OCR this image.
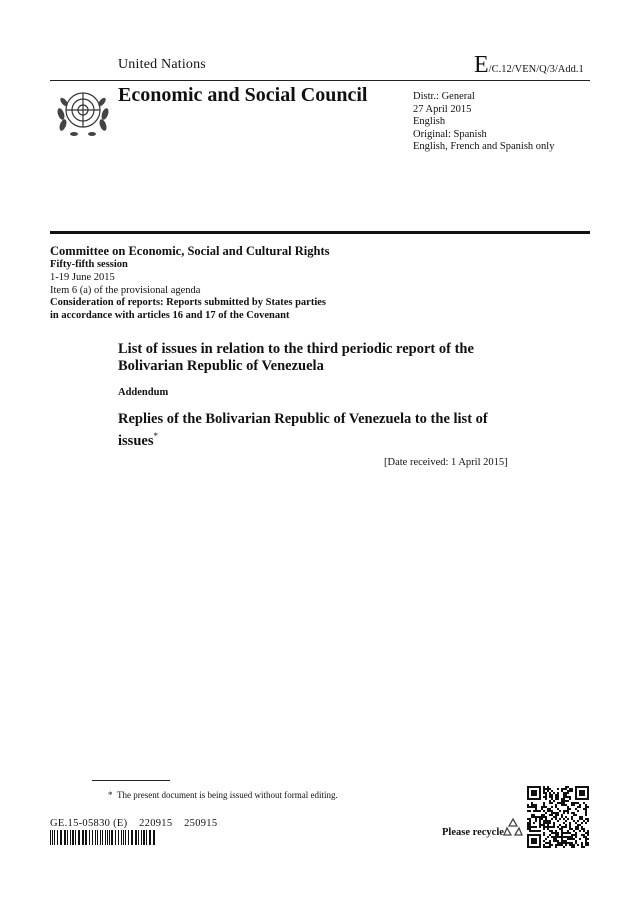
United Nations	E/C.12/VEN/Q/3/Add.1
Economic and Social Council	Distr.: General
27 April 2015
English
Original: Spanish
English, French and Spanish only
Committee on Economic, Social and Cultural Rights
Fifty-fifth session
1-19 June 2015
Item 6 (a) of the provisional agenda
Consideration of reports: Reports submitted by States parties
in accordance with articles 16 and 17 of the Covenant
List of issues in relation to the third periodic report of the Bolivarian Republic of Venezuela
Addendum
Replies of the Bolivarian Republic of Venezuela to the list of issues*
[Date received: 1 April 2015]
* The present document is being issued without formal editing.
GE.15-05830 (E)    220915    250915
Please recycle
